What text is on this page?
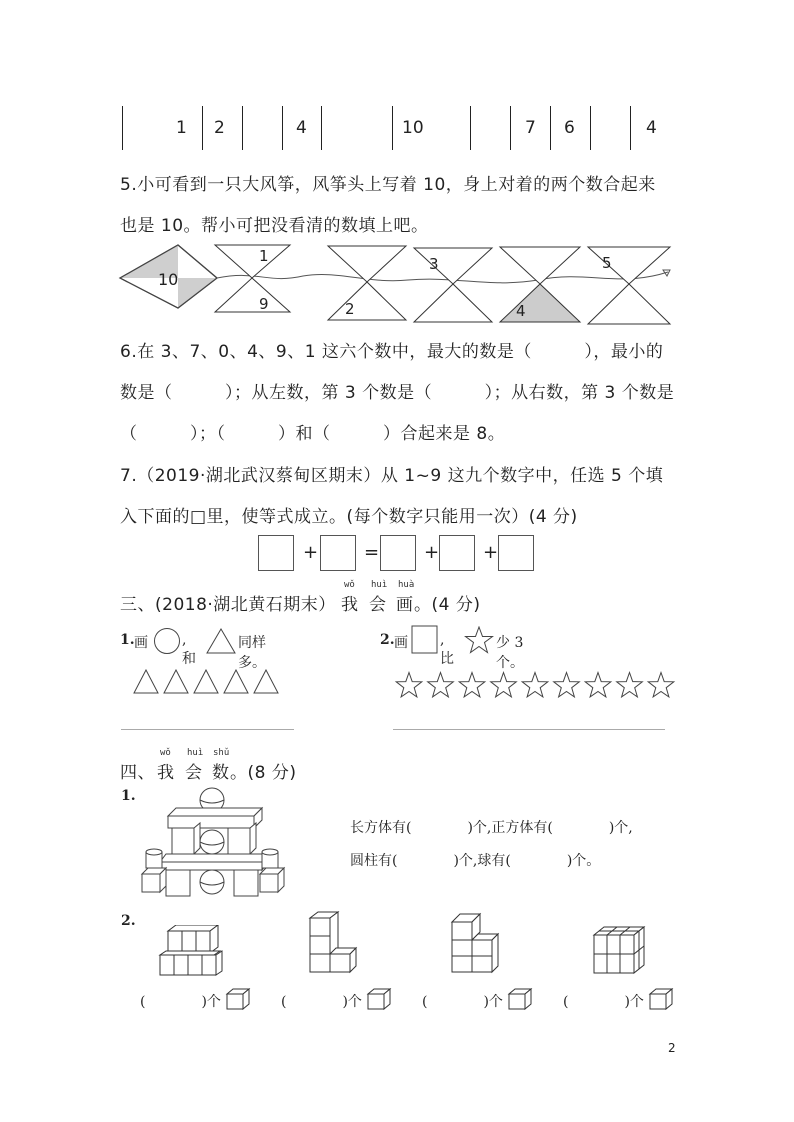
1 2	4	10	7 6	4
5.小可看到一只大风筝，风筝头上写着 10，身上对着的两个数合起来
也是 10。帮小可把没看清的数填上吧。
10
1
9	2
3
4
5
6.在 3、7、0、4、9、1 这六个数中，最大的数是（　　　），最小的
数是（　　　）；从左数，第 3 个数是（　　　）；从右数，第 3 个数是
（　　　）；（　　　）和（　　　）合起来是 8。
7.（2019·湖北武汉蔡甸区期末）从 1~9 这九个数字中，任选 5 个填
入下面的□里，使等式成立。(每个数字只能用一次）(4 分)
+	= + +
三、(2018·湖北黄石期末）
wǒ
我
huì
会
huà
画 。(4 分)
1. 画 , 和
同样多。
2. 画 , 比
少 3 个。
四、
wǒ
我
huì
会
shǔ
数 。(8 分)
1.
长方体有(　　　　)个,正方体有(　　　　)个,
圆柱有(　　　　)个,球有(　　　　)个。
2.
(　　　　)个	(　　　　)个	(　　　　)个	(　　　　)个
2
